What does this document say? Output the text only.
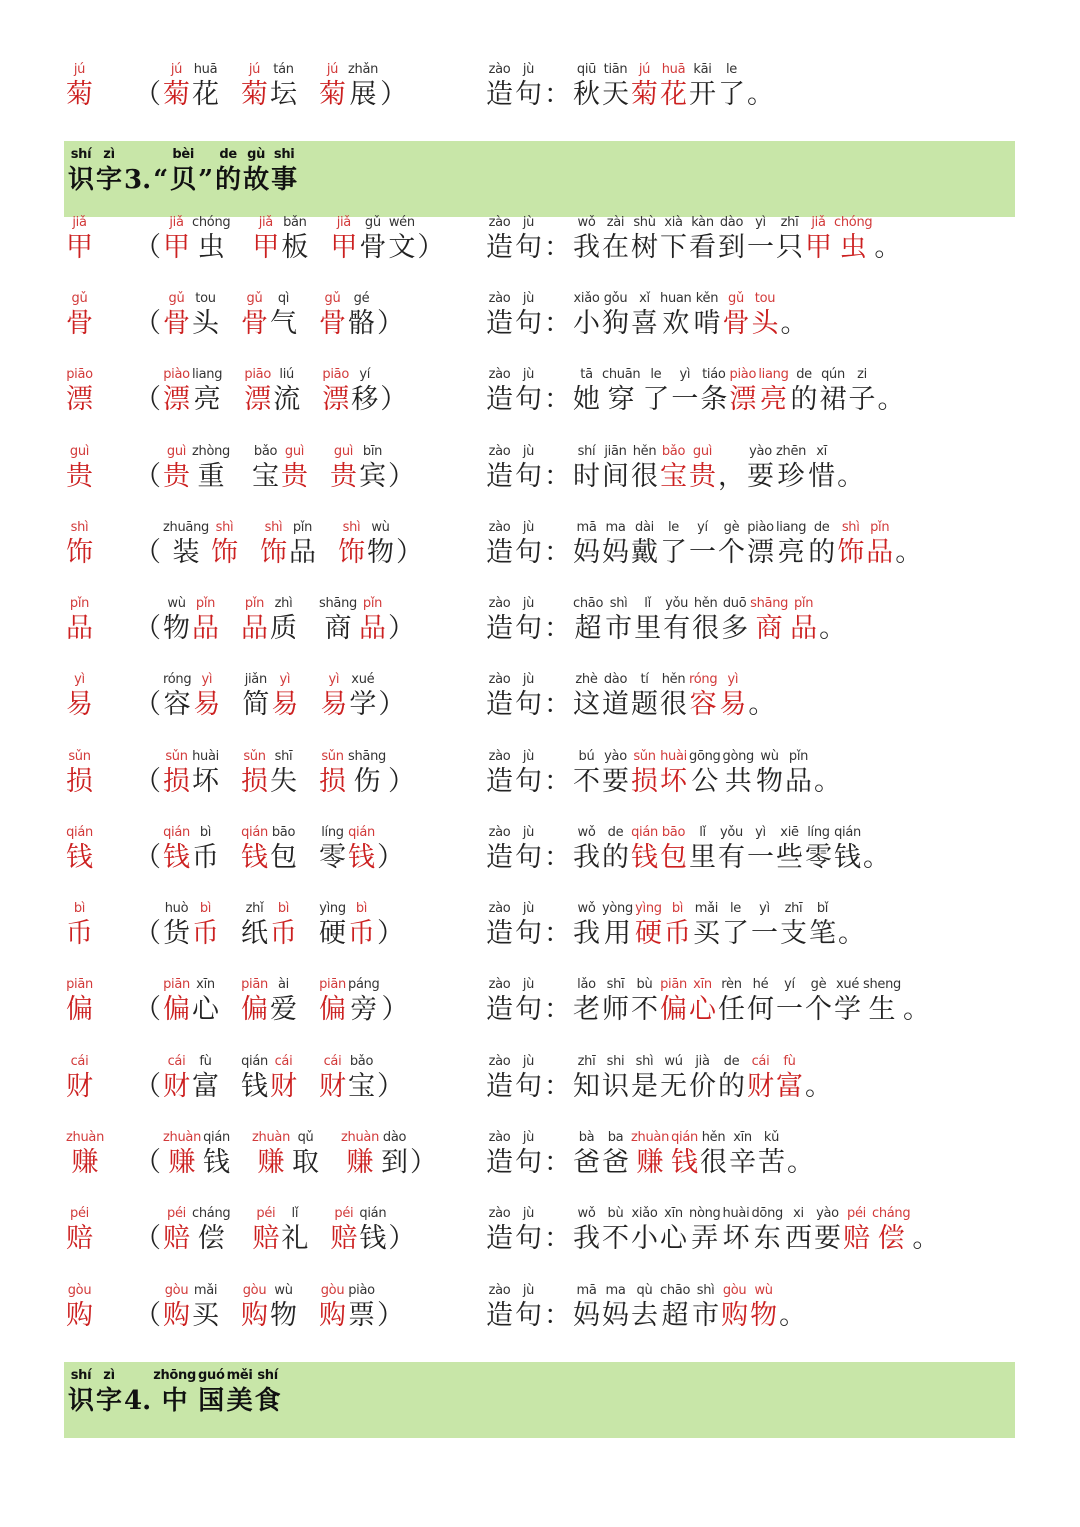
jú
菊 （
jú
菊
huā
花
jú
菊
tán
坛
jú
菊
zhǎn
展 ）
zào
造
jù
句 ：
qiū
秋
tiān
天
jú
菊
huā
花
kāi
开
le
了 。
shí
识
zì
字 3. “
bèi
贝 ”
de
的
gù
故
shi
事
jiǎ
甲 （
jiǎ
甲
chóng
虫
jiǎ
甲
bǎn
板
jiǎ
甲
gǔ
骨
wén
文 ）
zào
造
jù
句 ：
wǒ
我
zài
在
shù
树
xià
下
kàn
看
dào
到
yì
一
zhī
只
jiǎ
甲
chóng
虫 。
gǔ
骨 （
gǔ
骨
tou
头
gǔ
骨
qì
气
gǔ
骨
gé
骼 ）
zào
造
jù
句 ：
xiǎo
小
gǒu
狗
xǐ
喜
huan
欢
kěn
啃
gǔ
骨
tou
头 。
piāo
漂 （
piào
漂
liang
亮
piāo
漂
liú
流
piāo
漂
yí
移 ）
zào
造
jù
句 ：
tā
她
chuān
穿
le
了
yì
一
tiáo
条
piào
漂
liang
亮
de
的
qún
裙
zi
子 。
guì
贵 （
guì
贵
zhòng
重
bǎo
宝
guì
贵
guì
贵
bīn
宾 ）
zào
造
jù
句 ：
shí
时
jiān
间
hěn
很
bǎo
宝
guì
贵 ，
yào
要
zhēn
珍
xī
惜 。
shì
饰 （
zhuāng
装
shì
饰
shì
饰
pǐn
品
shì
饰
wù
物 ）
zào
造
jù
句 ：
mā
妈
ma
妈
dài
戴
le
了
yí
一
gè
个
piào
漂
liang
亮
de
的
shì
饰
pǐn
品 。
pǐn
品 （
wù
物
pǐn
品
pǐn
品
zhì
质
shāng
商
pǐn
品 ）
zào
造
jù
句 ：
chāo
超
shì
市
lǐ
里
yǒu
有
hěn
很
duō
多
shāng
商
pǐn
品 。
yì
易 （
róng
容
yì
易
jiǎn
简
yì
易
yì
易
xué
学 ）
zào
造
jù
句 ：
zhè
这
dào
道
tí
题
hěn
很
róng
容
yì
易 。
sǔn
损 （
sǔn
损
huài
坏
sǔn
损
shī
失
sǔn
损
shāng
伤 ）
zào
造
jù
句 ：
bú
不
yào
要
sǔn
损
huài
坏
gōng
公
gòng
共
wù
物
pǐn
品 。
qián
钱 （
qián
钱
bì
币
qián
钱
bāo
包
líng
零
qián
钱 ）
zào
造
jù
句 ：
wǒ
我
de
的
qián
钱
bāo
包
lǐ
里
yǒu
有
yì
一
xiē
些
líng
零
qián
钱 。
bì
币 （
huò
货
bì
币
zhǐ
纸
bì
币
yìng
硬
bì
币 ）
zào
造
jù
句 ：
wǒ
我
yòng
用
yìng
硬
bì
币
mǎi
买
le
了
yì
一
zhī
支
bǐ
笔 。
piān
偏 （
piān
偏
xīn
心
piān
偏
ài
爱
piān
偏
páng
旁 ）
zào
造
jù
句 ：
lǎo
老
shī
师
bù
不
piān
偏
xīn
心
rèn
任
hé
何
yí
一
gè
个
xué
学
sheng
生 。
cái
财 （
cái
财
fù
富
qián
钱
cái
财
cái
财
bǎo
宝 ）
zào
造
jù
句 ：
zhī
知
shi
识
shì
是
wú
无
jià
价
de
的
cái
财
fù
富 。
zhuàn
赚 （
zhuàn
赚
qián
钱
zhuàn
赚
qǔ
取
zhuàn
赚
dào
到 ）
zào
造
jù
句 ：
bà
爸
ba
爸
zhuàn
赚
qián
钱
hěn
很
xīn
辛
kǔ
苦 。
péi
赔 （
péi
赔
cháng
偿
péi
赔
lǐ
礼
péi
赔
qián
钱 ）
zào
造
jù
句 ：
wǒ
我
bù
不
xiǎo
小
xīn
心
nòng
弄
huài
坏
dōng
东
xi
西
yào
要
péi
赔
cháng
偿 。
gòu
购 （
gòu
购
mǎi
买
gòu
购
wù
物
gòu
购
piào
票 ）
zào
造
jù
句 ：
mā
妈
ma
妈
qù
去
chāo
超
shì
市
gòu
购
wù
物 。
shí
识
zì
字 4.
zhōng
中
guó
国
měi
美
shí
食
